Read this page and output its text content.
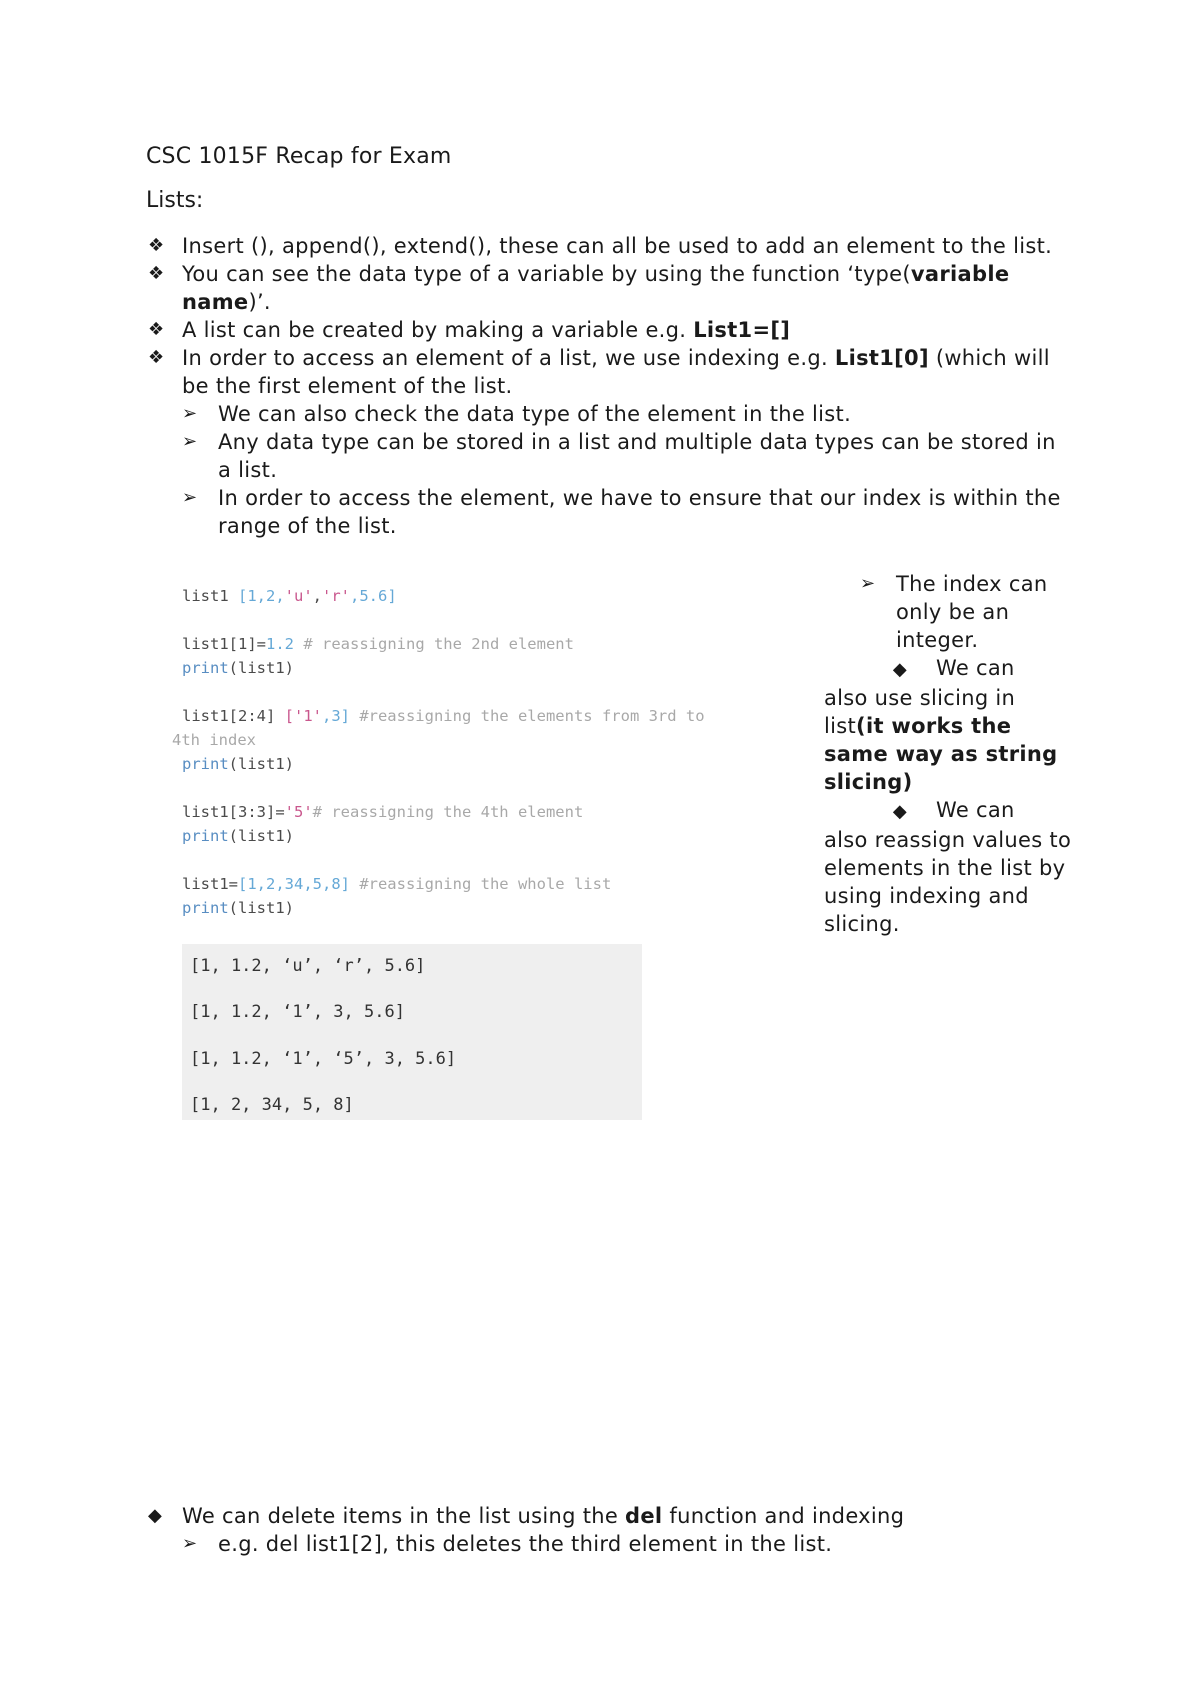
CSC 1015F Recap for Exam
Lists:

❖ Insert (), append(), extend(), these can all be used to add an element to the list.

❖ You can see the data type of a variable by using the function ‘type(variable name)’.

❖ A list can be created by making a variable e.g. List1=[]

❖ In order to access an element of a list, we use indexing e.g. List1[0] (which will be the first element of the list.

➢ We can also check the data type of the element in the list.

➢ Any data type can be stored in a list and multiple data types can be stored in a list.

➢ In order to access the element, we have to ensure that our index is within the range of the list.

list1 [1,2,'u','r',5.6]

list1[1]=1.2 # reassigning the 2nd element

print(list1)

list1[2:4] ['1',3] #reassigning the elements from 3rd to

4th index

print(list1)

list1[3:3]='5'# reassigning the 4th element

print(list1)

list1=[1,2,34,5,8] #reassigning the whole list

print(list1)

[1, 1.2, ‘u’, ‘r’, 5.6]

[1, 1.2, ‘1’, 3, 5.6]

[1, 1.2, ‘1’, ‘5’, 3, 5.6]

[1, 2, 34, 5, 8]

➢ The index can only be an integer.

◆ We can

also use slicing in list(it works the same way as string slicing)

◆ We can

also reassign values to elements in the list by using indexing and slicing.

◆ We can delete items in the list using the del function and indexing

➢ e.g. del list1[2], this deletes the third element in the list.
